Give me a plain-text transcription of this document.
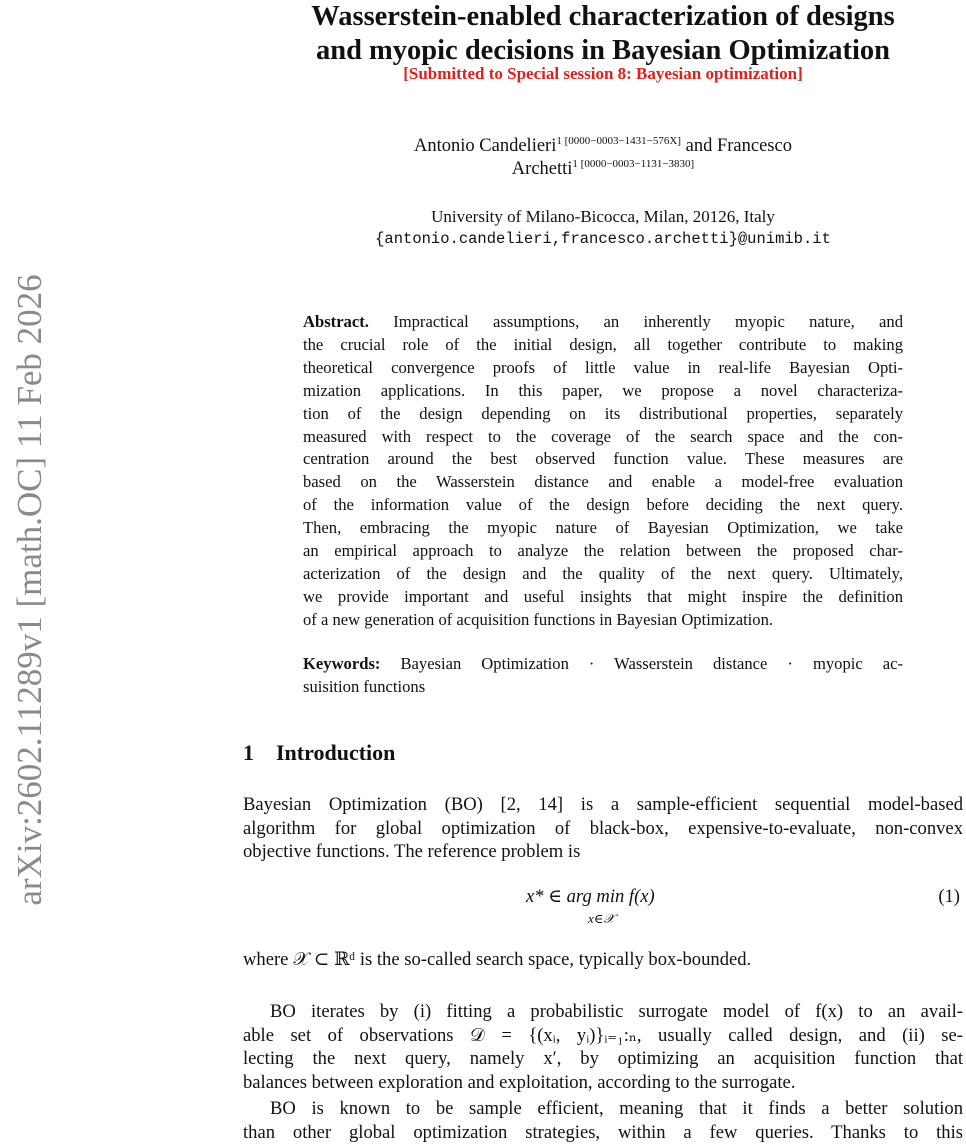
arXiv:2602.11289v1 [math.OC] 11 Feb 2026
Wasserstein-enabled characterization of designs
and myopic decisions in Bayesian Optimization
[Submitted to Special session 8: Bayesian optimization]
Antonio Candelieri$^{1 [0000-0003-1431-576X]}$ and Francesco
Archetti$^{1 [0000-0003-1131-3830]}$
University of Milano-Bicocca, Milan, 20126, Italy
{antonio.candelieri,francesco.archetti}@unimib.it
Abstract. Impractical assumptions, an inherently myopic nature, and
the crucial role of the initial design, all together contribute to making
theoretical convergence proofs of little value in real-life Bayesian Opti-
mization applications. In this paper, we propose a novel characteriza-
tion of the design depending on its distributional properties, separately
measured with respect to the coverage of the search space and the con-
centration around the best observed function value. These measures are
based on the Wasserstein distance and enable a model-free evaluation
of the information value of the design before deciding the next query.
Then, embracing the myopic nature of Bayesian Optimization, we take
an empirical approach to analyze the relation between the proposed char-
acterization of the design and the quality of the next query. Ultimately,
we provide important and useful insights that might inspire the definition
of a new generation of acquisition functions in Bayesian Optimization.
Keywords: Bayesian Optimization · Wasserstein distance · myopic ac-
suisition functions
1 Introduction
Bayesian Optimization (BO) [2, 14] is a sample-efficient sequential model-based
algorithm for global optimization of black-box, expensive-to-evaluate, non-convex
objective functions. The reference problem is
x* ∈ arg min f(x)
x∈𝒳
(1)
where 𝒳 ⊂ ℝᵈ is the so-called search space, typically box-bounded.
BO iterates by (i) fitting a probabilistic surrogate model of f(x) to an avail-
able set of observations 𝒟 = {(xᵢ, yᵢ)}ᵢ₌₁:ₙ, usually called design, and (ii) se-
lecting the next query, namely x′, by optimizing an acquisition function that
balances between exploration and exploitation, according to the surrogate.
BO is known to be sample efficient, meaning that it finds a better solution
than other global optimization strategies, within a few queries. Thanks to this
